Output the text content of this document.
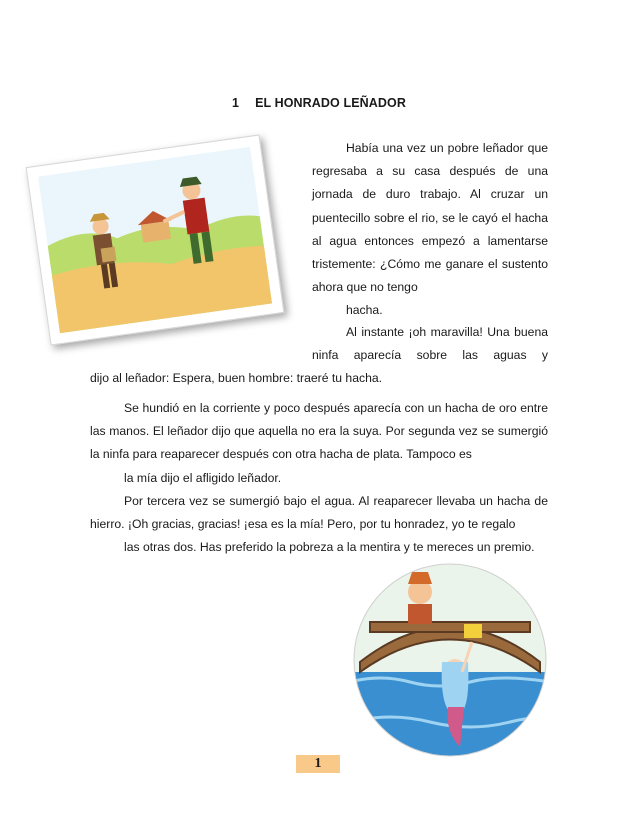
1 EL HONRADO LEÑADOR

Había una vez un pobre leñador que regresaba a su casa después de una jornada de duro trabajo. Al cruzar un puentecillo sobre el rio, se le cayó el hacha al agua entonces empezó a lamentarse tristemente: ¿Cómo me ganare el sustento ahora que no tengo
hacha.

Al instante ¡oh maravilla! Una buena ninfa aparecía sobre las aguas y

dijo al leñador: Espera, buen hombre: traeré tu hacha.

Se hundió en la corriente y poco después aparecía con un hacha de oro entre las manos. El leñador dijo que aquella no era la suya. Por segunda vez se sumergió la ninfa para reaparecer después con otra hacha de plata. Tampoco es
la mía dijo el afligido leñador.

Por tercera vez se sumergió bajo el agua. Al reaparecer llevaba un hacha de hierro. ¡Oh gracias, gracias! ¡esa es la mía! Pero, por tu honradez, yo te regalo
las otras dos. Has preferido la pobreza a la mentira y te mereces un premio.

1
